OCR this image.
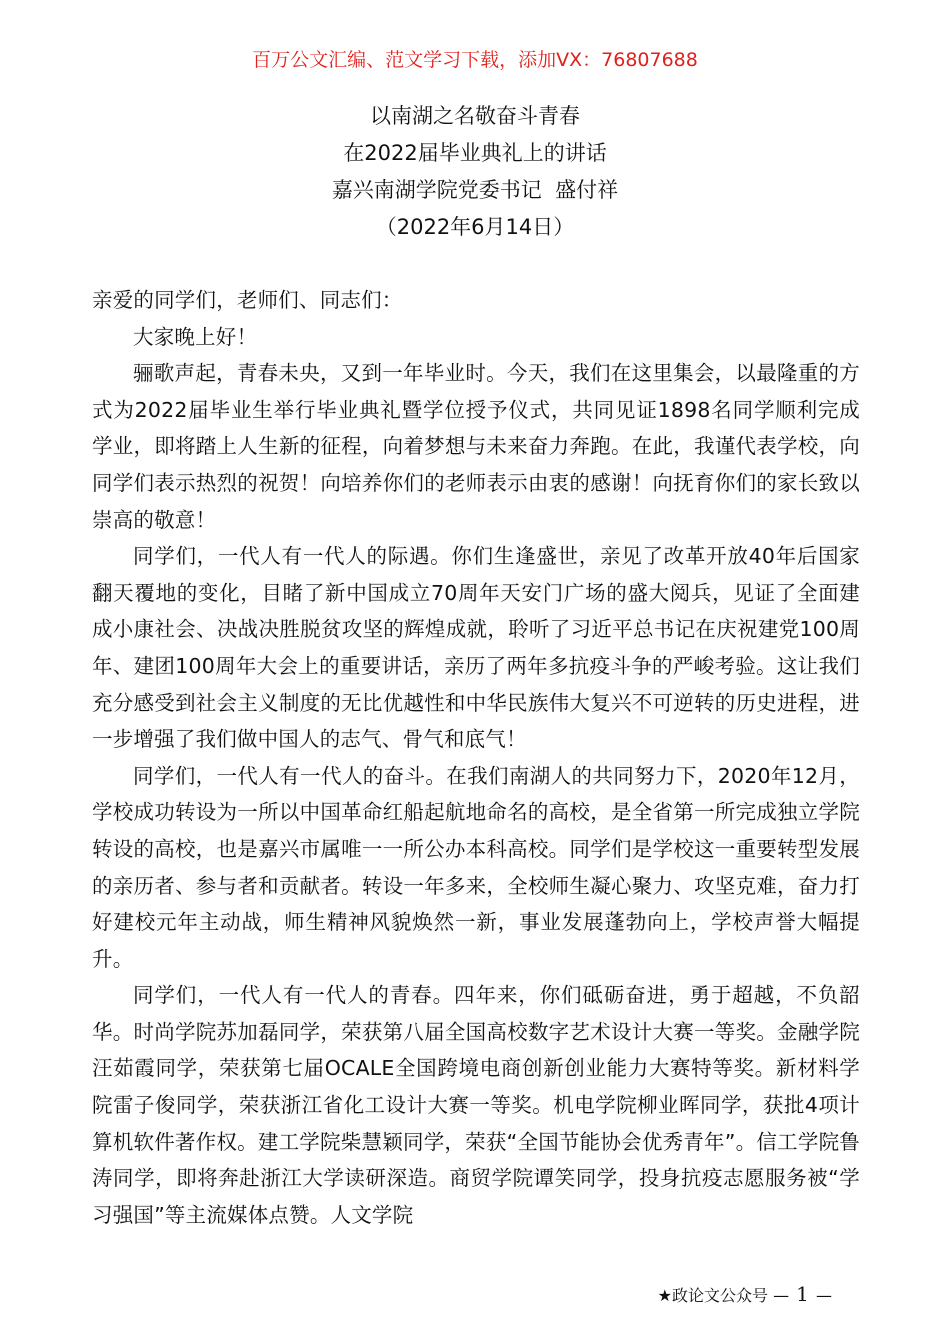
百万公文汇编、范文学习下载，添加VX：76807688
以南湖之名敬奋斗青春
在2022届毕业典礼上的讲话
嘉兴南湖学院党委书记  盛付祥
（2022年6月14日）

亲爱的同学们，老师们、同志们：

大家晚上好！

骊歌声起，青春未央，又到一年毕业时。今天，我们在这里集会，以最隆重的方式为2022届毕业生举行毕业典礼暨学位授予仪式，共同见证1898名同学顺利完成学业，即将踏上人生新的征程，向着梦想与未来奋力奔跑。在此，我谨代表学校，向同学们表示热烈的祝贺！向培养你们的老师表示由衷的感谢！向抚育你们的家长致以崇高的敬意！

同学们，一代人有一代人的际遇。你们生逢盛世，亲见了改革开放40年后国家翻天覆地的变化，目睹了新中国成立70周年天安门广场的盛大阅兵，见证了全面建成小康社会、决战决胜脱贫攻坚的辉煌成就，聆听了习近平总书记在庆祝建党100周年、建团100周年大会上的重要讲话，亲历了两年多抗疫斗争的严峻考验。这让我们充分感受到社会主义制度的无比优越性和中华民族伟大复兴不可逆转的历史进程，进一步增强了我们做中国人的志气、骨气和底气！

同学们，一代人有一代人的奋斗。在我们南湖人的共同努力下，2020年12月，学校成功转设为一所以中国革命红船起航地命名的高校，是全省第一所完成独立学院转设的高校，也是嘉兴市属唯一一所公办本科高校。同学们是学校这一重要转型发展的亲历者、参与者和贡献者。转设一年多来，全校师生凝心聚力、攻坚克难，奋力打好建校元年主动战，师生精神风貌焕然一新，事业发展蓬勃向上，学校声誉大幅提升。

同学们，一代人有一代人的青春。四年来，你们砥砺奋进，勇于超越，不负韶华。时尚学院苏加磊同学，荣获第八届全国高校数字艺术设计大赛一等奖。金融学院汪茹霞同学，荣获第七届OCALE全国跨境电商创新创业能力大赛特等奖。新材料学院雷子俊同学，荣获浙江省化工设计大赛一等奖。机电学院柳业晖同学，获批4项计算机软件著作权。建工学院柴慧颖同学，荣获“全国节能协会优秀青年”。信工学院鲁涛同学，即将奔赴浙江大学读研深造。商贸学院谭笑同学，投身抗疫志愿服务被“学习强国”等主流媒体点赞。人文学院

★政论文公众号 — 1 —
